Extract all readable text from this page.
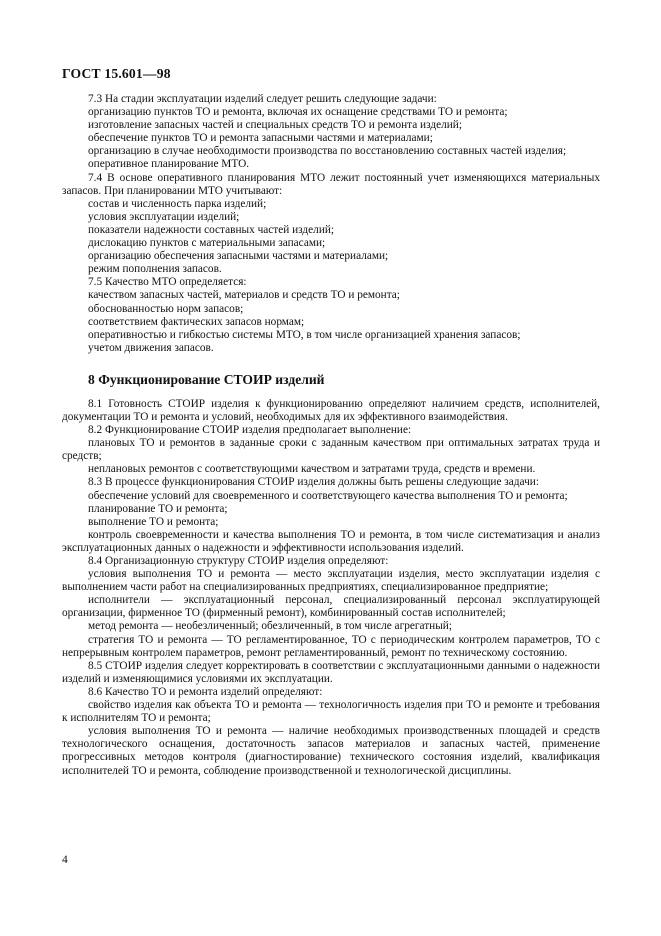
ГОСТ 15.601—98

7.3 На стадии эксплуатации изделий следует решить следующие задачи:

организацию пунктов ТО и ремонта, включая их оснащение средствами ТО и ремонта;

изготовление запасных частей и специальных средств ТО и ремонта изделий;

обеспечение пунктов ТО и ремонта запасными частями и материалами;

организацию в случае необходимости производства по восстановлению составных частей изделия;

оперативное планирование МТО.

7.4 В основе оперативного планирования МТО лежит постоянный учет изменяющихся материальных запасов. При планировании МТО учитывают:

состав и численность парка изделий;

условия эксплуатации изделий;

показатели надежности составных частей изделий;

дислокацию пунктов с материальными запасами;

организацию обеспечения запасными частями и материалами;

режим пополнения запасов.

7.5 Качество МТО определяется:

качеством запасных частей, материалов и средств ТО и ремонта;

обоснованностью норм запасов;

соответствием фактических запасов нормам;

оперативностью и гибкостью системы МТО, в том числе организацией хранения запасов;

учетом движения запасов.

8 Функционирование СТОИР изделий

8.1 Готовность СТОИР изделия к функционированию определяют наличием средств, исполнителей, документации ТО и ремонта и условий, необходимых для их эффективного взаимодействия.

8.2 Функционирование СТОИР изделия предполагает выполнение:

плановых ТО и ремонтов в заданные сроки с заданным качеством при оптимальных затратах труда и средств;

неплановых ремонтов с соответствующими качеством и затратами труда, средств и времени.

8.3 В процессе функционирования СТОИР изделия должны быть решены следующие задачи:

обеспечение условий для своевременного и соответствующего качества выполнения ТО и ремонта;

планирование ТО и ремонта;

выполнение ТО и ремонта;

контроль своевременности и качества выполнения ТО и ремонта, в том числе систематизация и анализ эксплуатационных данных о надежности и эффективности использования изделий.

8.4 Организационную структуру СТОИР изделия определяют:

условия выполнения ТО и ремонта — место эксплуатации изделия, место эксплуатации изделия с выполнением части работ на специализированных предприятиях, специализированное предприятие;

исполнители — эксплуатационный персонал, специализированный персонал эксплуатирующей организации, фирменное ТО (фирменный ремонт), комбинированный состав исполнителей;

метод ремонта — необезличенный; обезличенный, в том числе агрегатный;

стратегия ТО и ремонта — ТО регламентированное, ТО с периодическим контролем параметров, ТО с непрерывным контролем параметров, ремонт регламентированный, ремонт по техническому состоянию.

8.5 СТОИР изделия следует корректировать в соответствии с эксплуатационными данными о надежности изделий и изменяющимися условиями их эксплуатации.

8.6 Качество ТО и ремонта изделий определяют:

свойство изделия как объекта ТО и ремонта — технологичность изделия при ТО и ремонте и требования к исполнителям ТО и ремонта;

условия выполнения ТО и ремонта — наличие необходимых производственных площадей и средств технологического оснащения, достаточность запасов материалов и запасных частей, применение прогрессивных методов контроля (диагностирование) технического состояния изделий, квалификация исполнителей ТО и ремонта, соблюдение производственной и технологической дисциплины.

4
